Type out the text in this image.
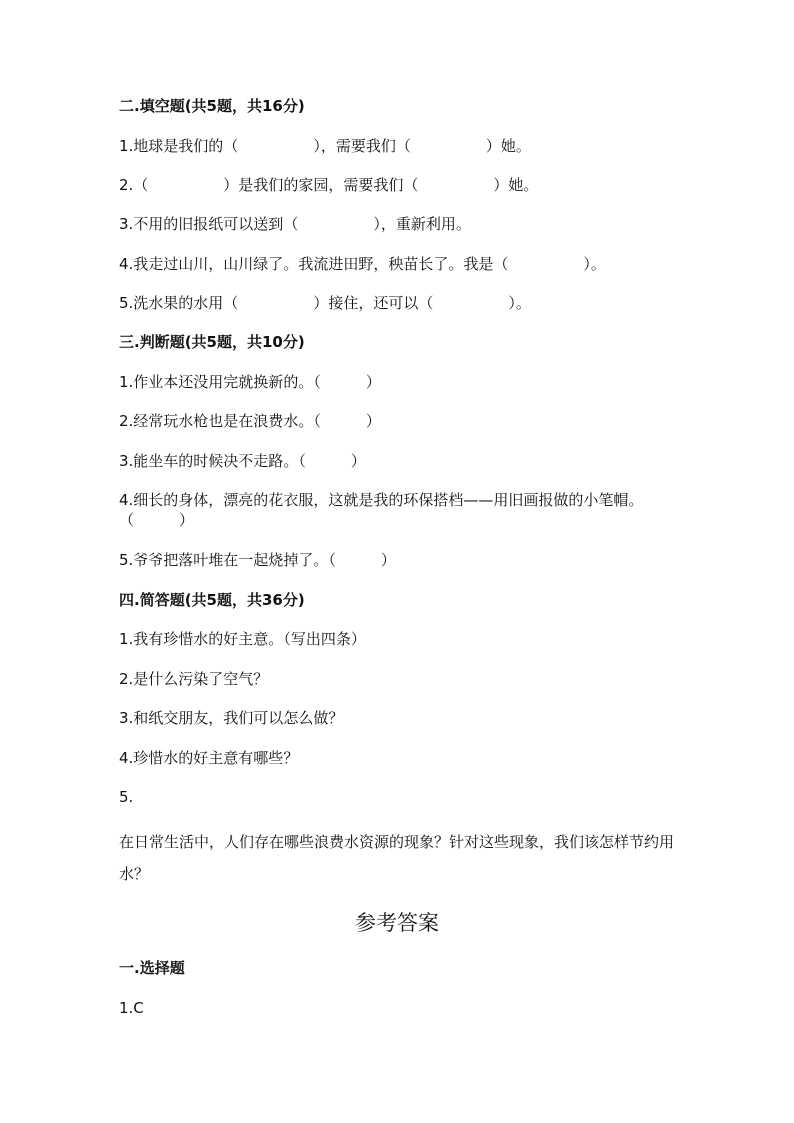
二.填空题(共5题，共16分)
1.地球是我们的（　　　　　），需要我们（　　　　　）她。
2.（　　　　　）是我们的家园，需要我们（　　　　　）她。
3.不用的旧报纸可以送到（　　　　　），重新利用。
4.我走过山川，山川绿了。我流进田野，秧苗长了。我是（　　　　　）。
5.洗水果的水用（　　　　　）接住，还可以（　　　　　）。
三.判断题(共5题，共10分)
1.作业本还没用完就换新的。（　　　）
2.经常玩水枪也是在浪费水。（　　　）
3.能坐车的时候决不走路。（　　　）
4.细长的身体，漂亮的花衣服，这就是我的环保搭档——用旧画报做的小笔帽。（　　　）
5.爷爷把落叶堆在一起烧掉了。（　　　）
四.简答题(共5题，共36分)
1.我有珍惜水的好主意。（写出四条）
2.是什么污染了空气？
3.和纸交朋友，我们可以怎么做？
4.珍惜水的好主意有哪些？
5.
在日常生活中，人们存在哪些浪费水资源的现象？针对这些现象，我们该怎样节约用水？
参考答案
一.选择题
1.C
